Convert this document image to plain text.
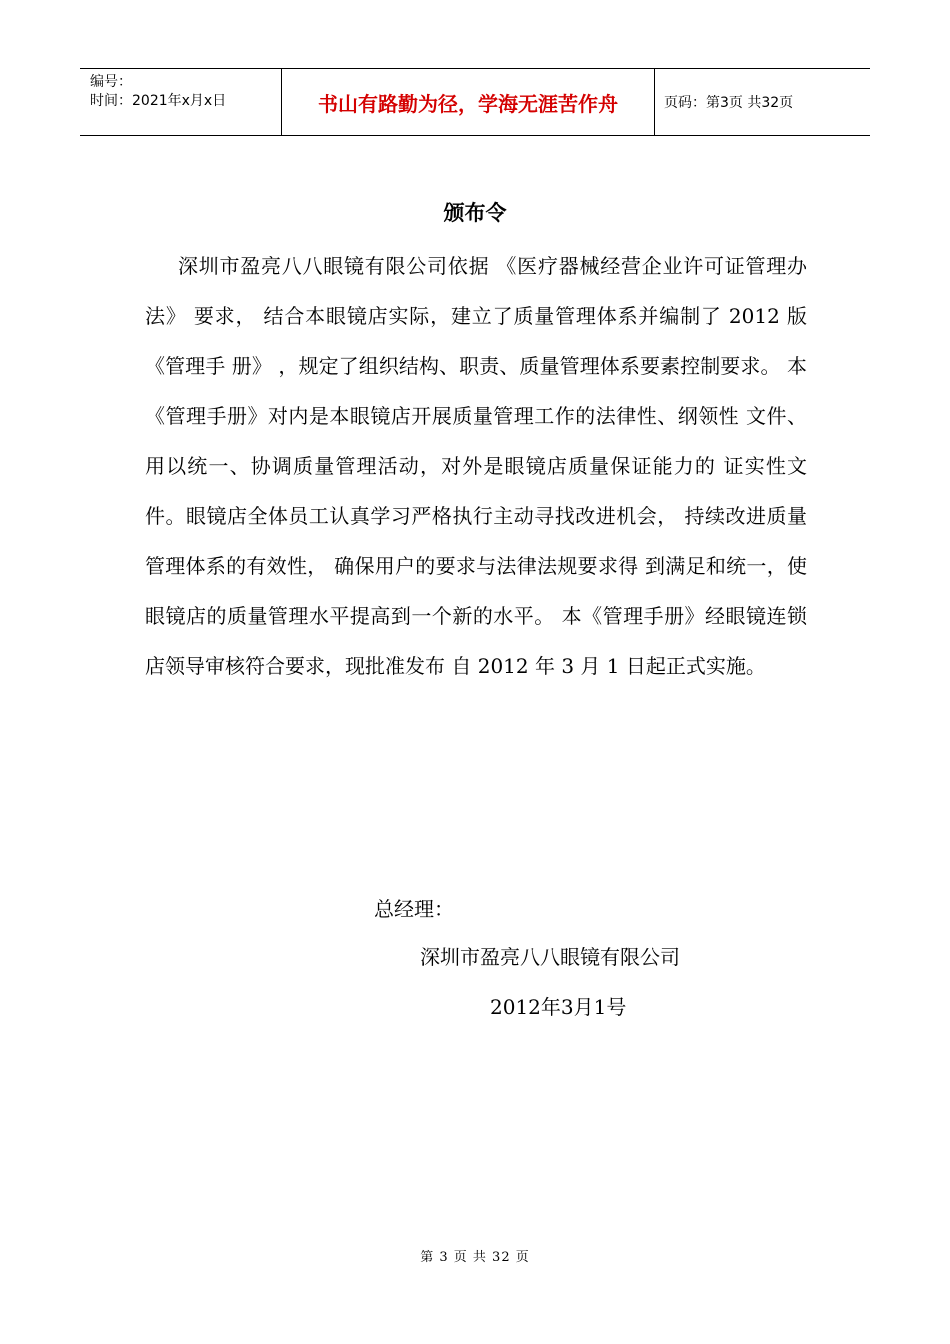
编号：
时间：2021年x月x日	书山有路勤为径，学海无涯苦作舟	页码：第3页 共32页
颁布令

深圳市盈亮八八眼镜有限公司依据 《医疗器械经营企业许可证管理办法》 要求， 结合本眼镜店实际，建立了质量管理体系并编制了 2012 版《管理手 册》 ，规定了组织结构、职责、质量管理体系要素控制要求。 本《管理手册》对内是本眼镜店开展质量管理工作的法律性、纲领性 文件、用以统一、协调质量管理活动，对外是眼镜店质量保证能力的 证实性文件。眼镜店全体员工认真学习严格执行主动寻找改进机会， 持续改进质量管理体系的有效性， 确保用户的要求与法律法规要求得 到满足和统一，使眼镜店的质量管理水平提高到一个新的水平。 本《管理手册》经眼镜连锁店领导审核符合要求，现批准发布 自 2012 年 3 月 1 日起正式实施。

总经理：
深圳市盈亮八八眼镜有限公司
2012年3月1号
第 3 页 共 32 页
